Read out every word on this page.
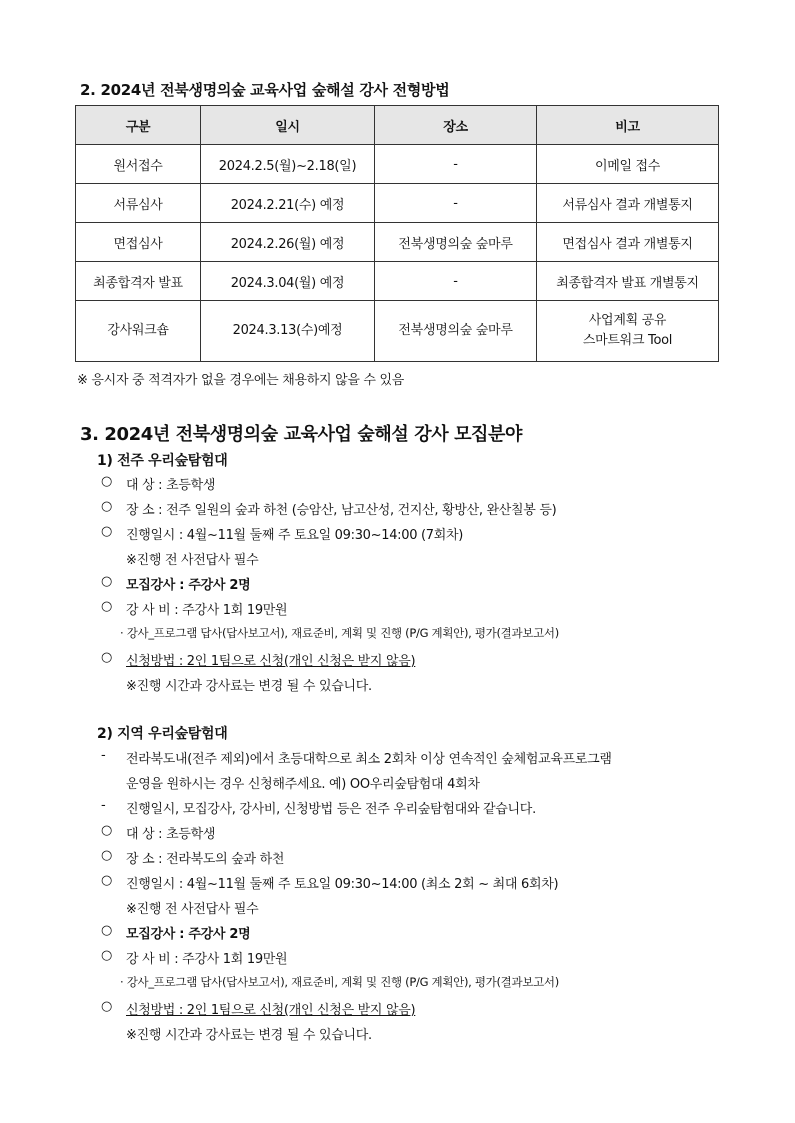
2. 2024년 전북생명의숲 교육사업 숲해설 강사 전형방법
구분	일시	장소	비고
원서접수	2024.2.5(월)~2.18(일)	-	이메일 접수
서류심사	2024.2.21(수) 예정	-	서류심사 결과 개별통지
면접심사	2024.2.26(월) 예정	전북생명의숲 숲마루	면접심사 결과 개별통지
최종합격자 발표	2024.3.04(월) 예정	-	최종합격자 발표 개별통지
강사워크숍	2024.3.13(수)예정	전북생명의숲 숲마루	사업계획 공유
스마트워크 Tool
※ 응시자 중 적격자가 없을 경우에는 채용하지 않을 수 있음
3. 2024년 전북생명의숲 교육사업 숲해설 강사 모집분야
1) 전주 우리숲탐험대
○ 대 상 : 초등학생
○ 장 소 : 전주 일원의 숲과 하천 (승암산, 남고산성, 건지산, 황방산, 완산칠봉 등)
○ 진행일시 : 4월~11월 둘째 주 토요일 09:30~14:00 (7회차)
※진행 전 사전답사 필수
○ 모집강사 : 주강사 2명
○ 강 사 비 : 주강사 1회 19만원
· 강사_프로그램 답사(답사보고서), 재료준비, 계획 및 진행 (P/G 계획안), 평가(결과보고서)
○ 신청방법 : 2인 1팀으로 신청(개인 신청은 받지 않음)
※진행 시간과 강사료는 변경 될 수 있습니다.
2) 지역 우리숲탐험대
- 전라북도내(전주 제외)에서 초등대학으로 최소 2회차 이상 연속적인 숲체험교육프로그램
운영을 원하시는 경우 신청해주세요. 예) OO우리숲탐험대 4회차
- 진행일시, 모집강사, 강사비, 신청방법 등은 전주 우리숲탐험대와 같습니다.
○ 대 상 : 초등학생
○ 장 소 : 전라북도의 숲과 하천
○ 진행일시 : 4월~11월 둘째 주 토요일 09:30~14:00 (최소 2회 ~ 최대 6회차)
※진행 전 사전답사 필수
○ 모집강사 : 주강사 2명
○ 강 사 비 : 주강사 1회 19만원
· 강사_프로그램 답사(답사보고서), 재료준비, 계획 및 진행 (P/G 계획안), 평가(결과보고서)
○ 신청방법 : 2인 1팀으로 신청(개인 신청은 받지 않음)
※진행 시간과 강사료는 변경 될 수 있습니다.
